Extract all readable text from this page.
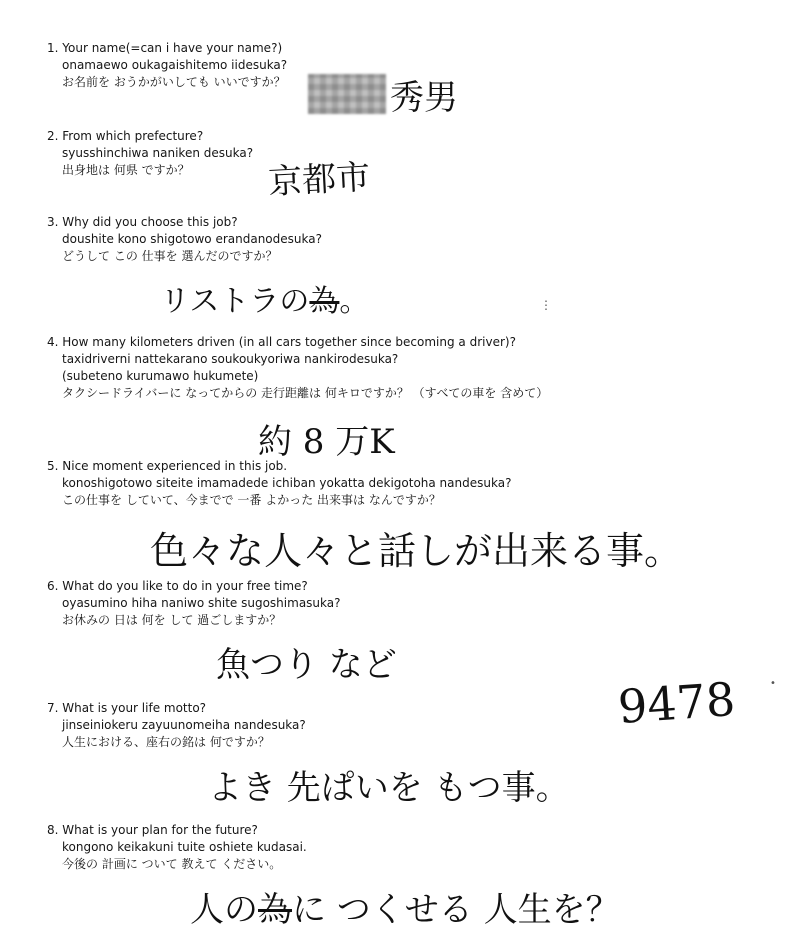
1. Your name(=can i have your name?)
onamaewo oukagaishitemo iidesuka?
お名前を おうかがいしても いいですか？	秀男
2. From which prefecture?
syusshinchiwa naniken desuka?
出身地は 何県 ですか？	京都市
3. Why did you choose this job?
doushite kono shigotowo erandanodesuka?
どうして この 仕事を 選んだのですか？
リストラの為。	⋮
4. How many kilometers driven (in all cars together since becoming a driver)?
taxidriverni nattekarano soukoukyoriwa nankirodesuka?
(subeteno kurumawo hukumete)
タクシードライバーに なってからの 走行距離は 何キロですか？ （すべての車を 含めて）
約 8 万K
5. Nice moment experienced in this job.
konoshigotowo siteite imamadede ichiban yokatta dekigotoha nandesuka?
この仕事を していて、今までで 一番 よかった 出来事は なんですか？
色々な人々と話しが出来る事。
6. What do you like to do in your free time?
oyasumino hiha naniwo shite sugoshimasuka?
お休みの 日は 何を して 過ごしますか？
魚つり など
9478	•
7. What is your life motto?
jinseiniokeru zayuunomeiha nandesuka?
人生における、座右の銘は 何ですか？
よき 先ぱいを もつ事。
8. What is your plan for the future?
kongono keikakuni tuite oshiete kudasai.
今後の 計画に ついて 教えて ください。
人の為に つくせる 人生を？
